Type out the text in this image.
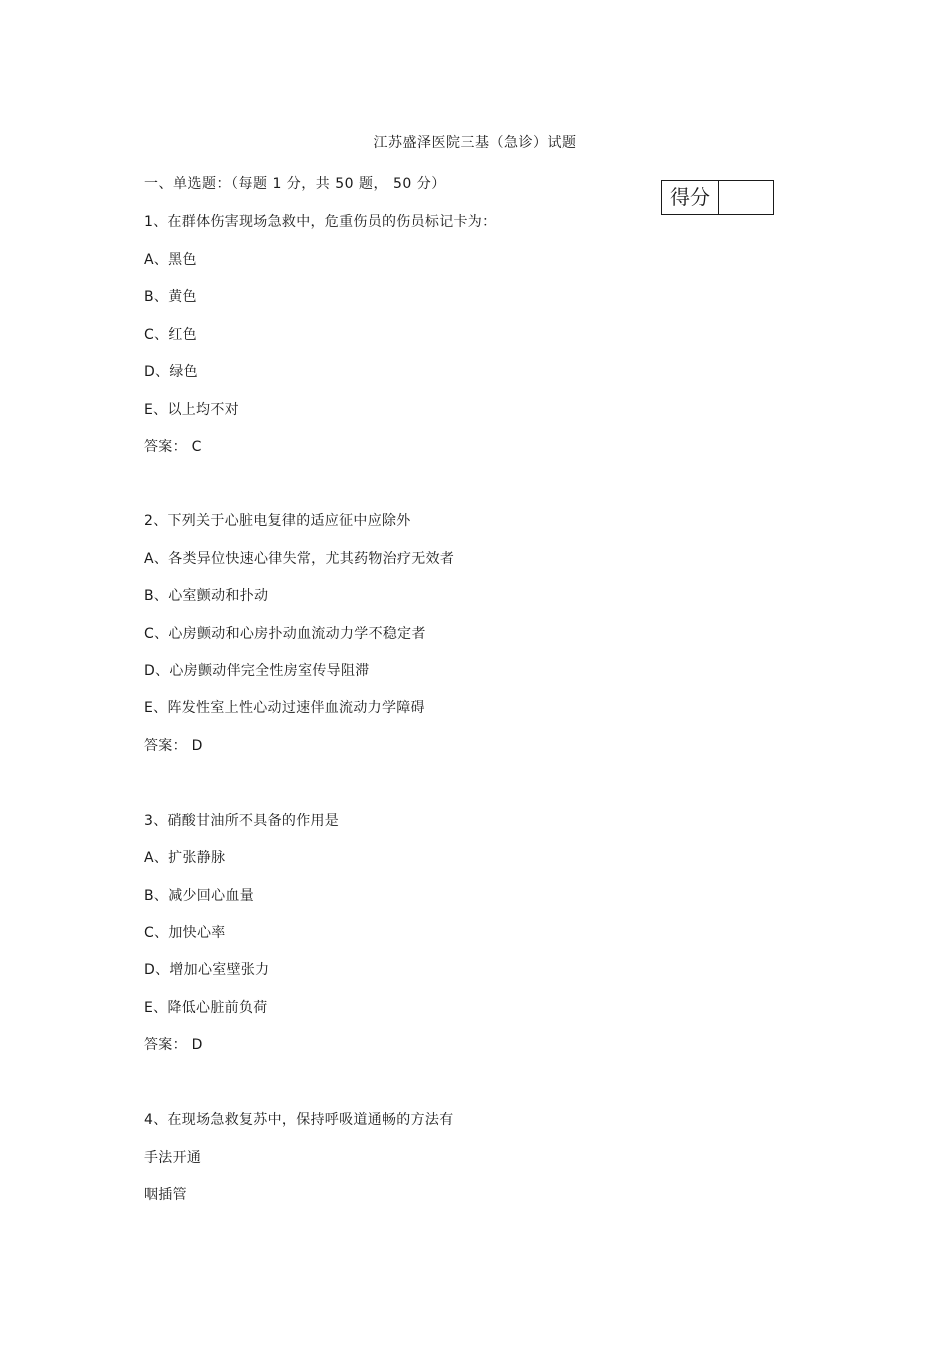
江苏盛泽医院三基（急诊）试题
一、单选题：（每题 1 分，共 50 题， 50 分）
得分
1、在群体伤害现场急救中，危重伤员的伤员标记卡为：
A、黑色
B、黄色
C、红色
D、绿色
E、以上均不对
答案： C
2、下列关于心脏电复律的适应征中应除外
A、各类异位快速心律失常，尤其药物治疗无效者
B、心室颤动和扑动
C、心房颤动和心房扑动血流动力学不稳定者
D、心房颤动伴完全性房室传导阻滞
E、阵发性室上性心动过速伴血流动力学障碍
答案： D
3、硝酸甘油所不具备的作用是
A、扩张静脉
B、减少回心血量
C、加快心率
D、增加心室壁张力
E、降低心脏前负荷
答案： D
4、在现场急救复苏中，保持呼吸道通畅的方法有
手法开通
咽插管
